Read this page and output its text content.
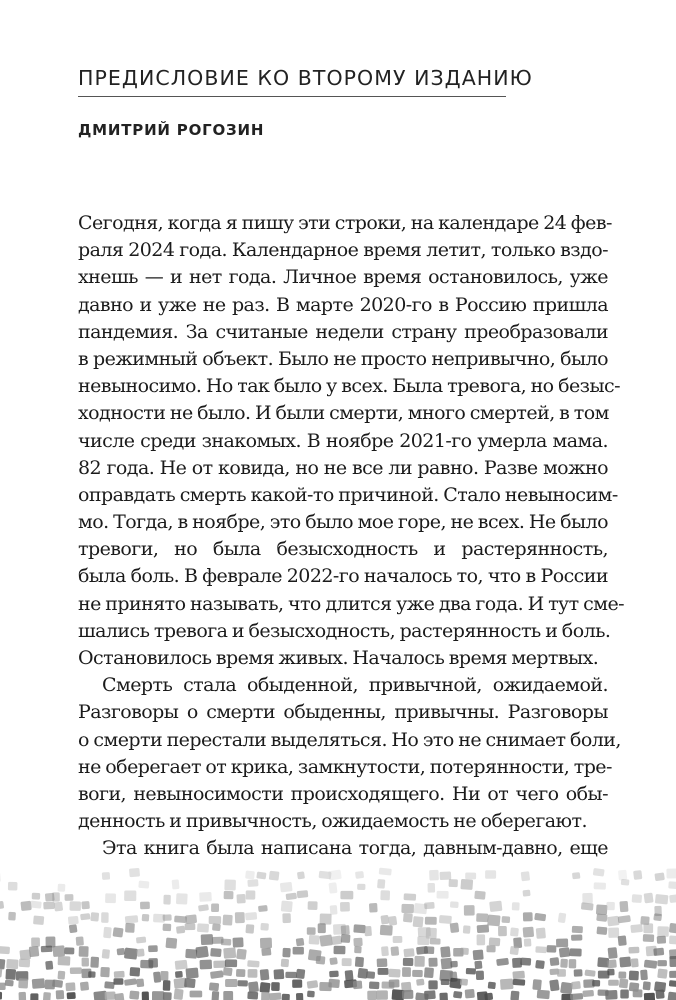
ПРЕДИСЛОВИЕ КО ВТОРОМУ ИЗДАНИЮ
ДМИТРИЙ РОГОЗИН
Сегодня, когда я пишу эти строки, на календаре 24 фев-
раля 2024 года. Календарное время летит, только вздо-
хнешь — и нет года. Личное время остановилось, уже
давно и уже не раз. В марте 2020-го в Россию пришла
пандемия. За считаные недели страну преобразовали
в режимный объект. Было не просто непривычно, было
невыносимо. Но так было у всех. Была тревога, но безыс-
ходности не было. И были смерти, много смертей, в том
числе среди знакомых. В ноябре 2021-го умерла мама.
82 года. Не от ковида, но не все ли равно. Разве можно
оправдать смерть какой-то причиной. Стало невыносим-
мо. Тогда, в ноябре, это было мое горе, не всех. Не было
тревоги, но была безысходность и растерянность,
была боль. В феврале 2022-го началось то, что в России
не принято называть, что длится уже два года. И тут сме-
шались тревога и безысходность, растерянность и боль.
Остановилось время живых. Началось время мертвых.
Смерть стала обыденной, привычной, ожидаемой.
Разговоры о смерти обыденны, привычны. Разговоры
о смерти перестали выделяться. Но это не снимает боли,
не оберегает от крика, замкнутости, потерянности, тре-
воги, невыносимости происходящего. Ни от чего обы-
денность и привычность, ожидаемость не оберегают.
Эта книга была написана тогда, давным-давно, еще
